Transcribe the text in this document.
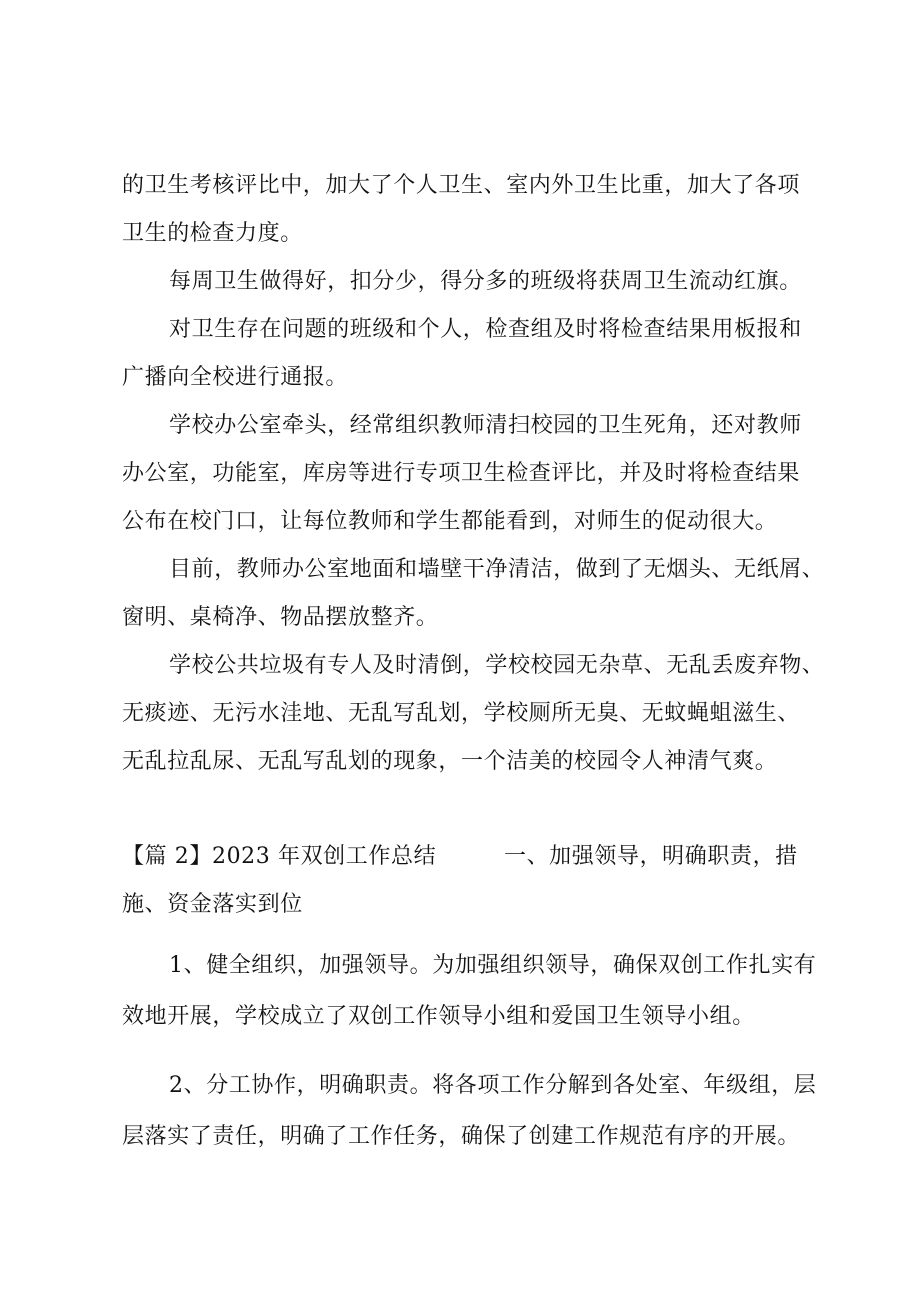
的卫生考核评比中，加大了个人卫生、室内外卫生比重，加大了各项
卫生的检查力度。
每周卫生做得好，扣分少，得分多的班级将获周卫生流动红旗。
对卫生存在问题的班级和个人，检查组及时将检查结果用板报和
广播向全校进行通报。
学校办公室牵头，经常组织教师清扫校园的卫生死角，还对教师
办公室，功能室，库房等进行专项卫生检查评比，并及时将检查结果
公布在校门口，让每位教师和学生都能看到，对师生的促动很大。
目前，教师办公室地面和墙壁干净清洁，做到了无烟头、无纸屑、
窗明、桌椅净、物品摆放整齐。
学校公共垃圾有专人及时清倒，学校校园无杂草、无乱丢废弃物、
无痰迹、无污水洼地、无乱写乱划，学校厕所无臭、无蚊蝇蛆滋生、
无乱拉乱尿、无乱写乱划的现象，一个洁美的校园令人神清气爽。
【篇 2】2023 年双创工作总结　　　一、加强领导，明确职责，措
施、资金落实到位
1、健全组织，加强领导。为加强组织领导，确保双创工作扎实有
效地开展，学校成立了双创工作领导小组和爱国卫生领导小组。
2、分工协作，明确职责。将各项工作分解到各处室、年级组，层
层落实了责任，明确了工作任务，确保了创建工作规范有序的开展。
